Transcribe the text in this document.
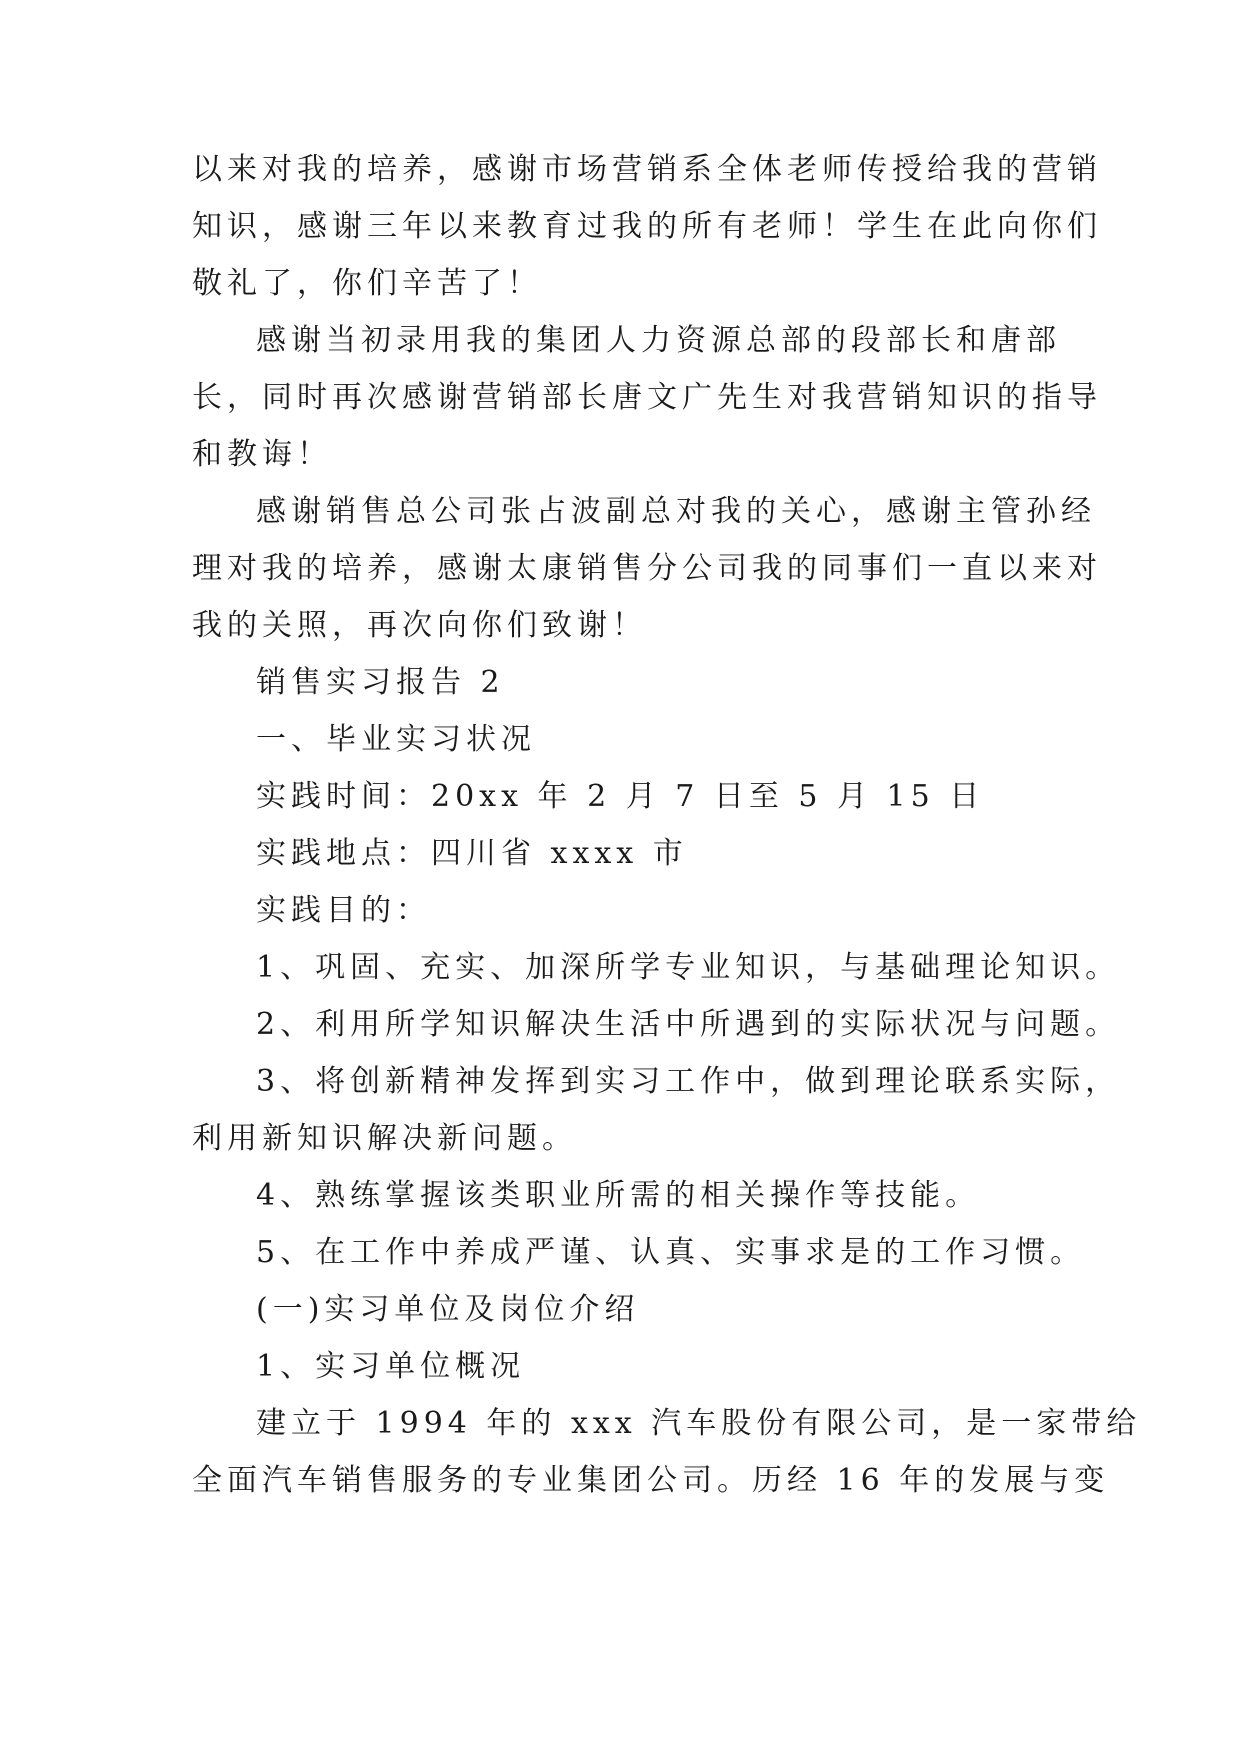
以来对我的培养，感谢市场营销系全体老师传授给我的营销

知识，感谢三年以来教育过我的所有老师！学生在此向你们

敬礼了，你们辛苦了！

感谢当初录用我的集团人力资源总部的段部长和唐部

长，同时再次感谢营销部长唐文广先生对我营销知识的指导

和教诲！

感谢销售总公司张占波副总对我的关心，感谢主管孙经

理对我的培养，感谢太康销售分公司我的同事们一直以来对

我的关照，再次向你们致谢！

销售实习报告 2

一、毕业实习状况

实践时间：20xx 年 2 月 7 日至 5 月 15 日

实践地点：四川省 xxxx 市

实践目的：

1、巩固、充实、加深所学专业知识，与基础理论知识。

2、利用所学知识解决生活中所遇到的实际状况与问题。

3、将创新精神发挥到实习工作中，做到理论联系实际，

利用新知识解决新问题。

4、熟练掌握该类职业所需的相关操作等技能。

5、在工作中养成严谨、认真、实事求是的工作习惯。

(一)实习单位及岗位介绍

1、实习单位概况

建立于 1994 年的 xxx 汽车股份有限公司，是一家带给

全面汽车销售服务的专业集团公司。历经 16 年的发展与变
